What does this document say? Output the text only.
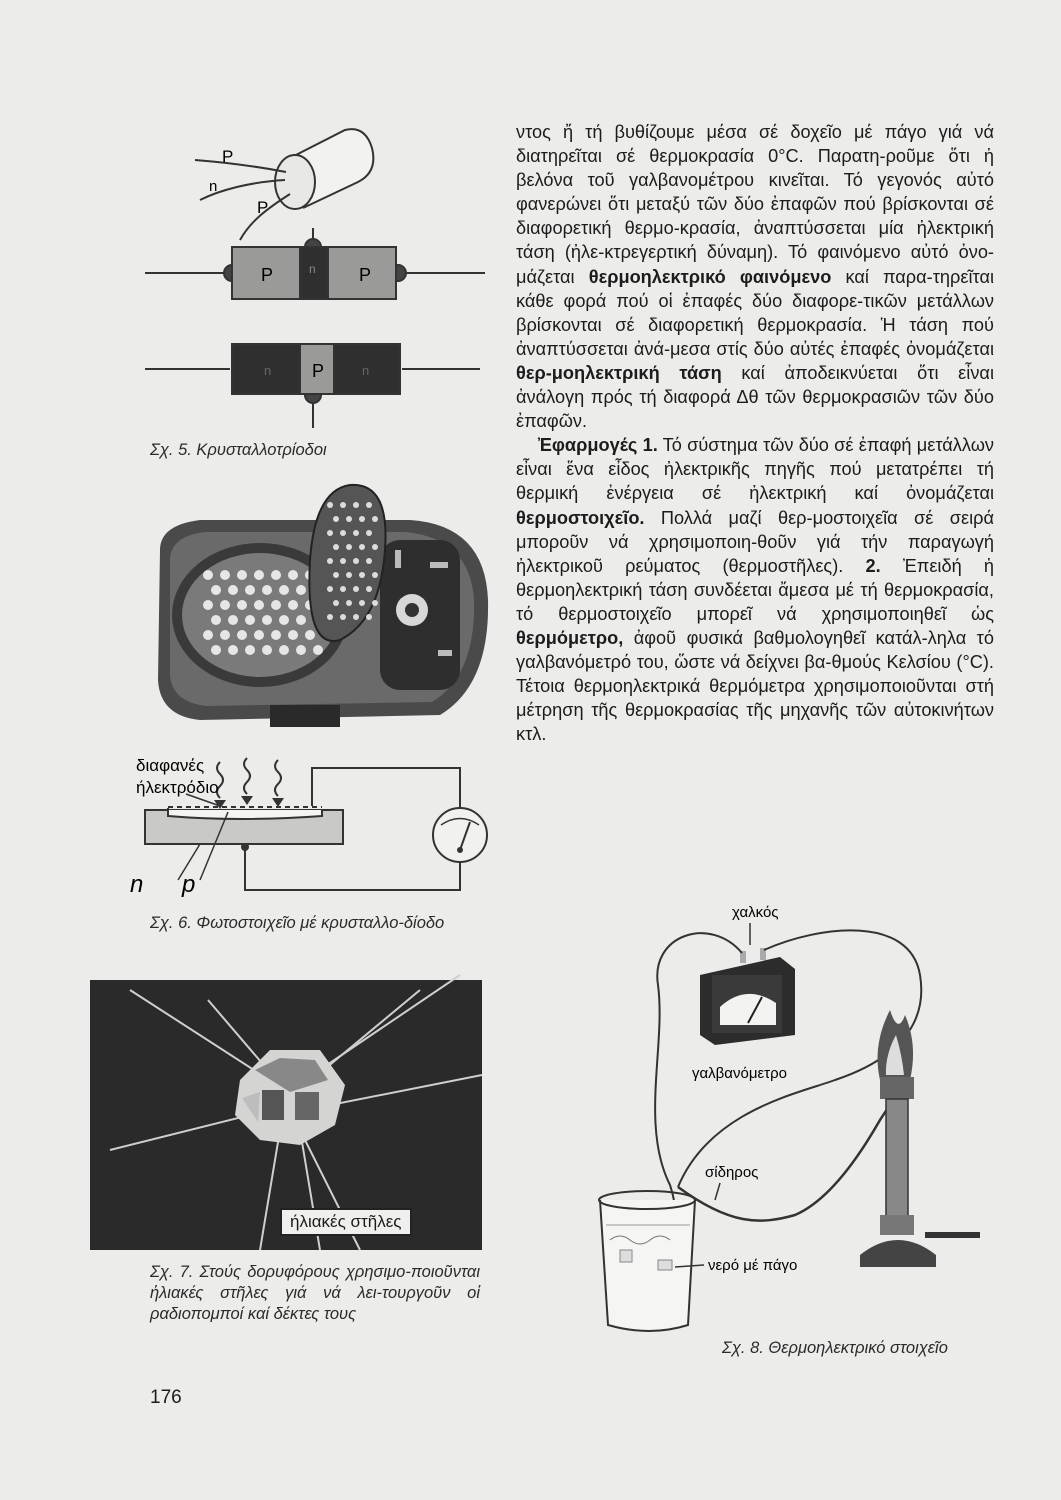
P
n
P
P	n P
n P	n
Σχ. 5. Κρυσταλλοτρίοδοι
διαφανές
ήλεκτρόδιο
n p
Σχ. 6. Φωτοστοιχεῖο μέ κρυσταλλο-δίοδο
ήλιακές στῆλες
Σχ. 7. Στούς δορυφόρους χρησιμο-ποιοῦνται ἡλιακές στῆλες γιά νά λει-τουργοῦν οἱ ραδιοπομποί καί δέκτες τους
176

ντος ἤ τή βυθίζουμε μέσα σέ δοχεῖο μέ πάγο γιά νά διατηρεῖται σέ θερμοκρασία 0°C. Παρατη-ροῦμε ὅτι ἡ βελόνα τοῦ γαλβανομέτρου κινεῖται. Τό γεγονός αὐτό φανερώνει ὅτι μεταξύ τῶν δύο ἐπαφῶν πού βρίσκονται σέ διαφορετική θερμο-κρασία, ἀναπτύσσεται μία ἠλεκτρική τάση (ἠλε-κτρεγερτική δύναμη). Τό φαινόμενο αὐτό ὀνο-μάζεται θερμοηλεκτρικό φαινόμενο καί παρα-τηρεῖται κάθε φορά πού οἱ ἐπαφές δύο διαφορε-τικῶν μετάλλων βρίσκονται σέ διαφορετική θερμοκρασία. Ἡ τάση πού ἀναπτύσσεται ἀνά-μεσα στίς δύο αὐτές ἐπαφές ὀνομάζεται θερ-μοηλεκτρική τάση καί ἀποδεικνύεται ὅτι εἶναι ἀνάλογη πρός τή διαφορά Δθ τῶν θερμοκρασιῶν τῶν δύο ἐπαφῶν.

Ἐφαρμογές 1. Τό σύστημα τῶν δύο σέ ἐπαφή μετάλλων εἶναι ἕνα εἶδος ἠλεκτρικῆς πηγῆς πού μετατρέπει τή θερμική ἐνέργεια σέ ἠλεκτρική καί ὀνομάζεται θερμοστοιχεῖο. Πολλά μαζί θερ-μοστοιχεῖα σέ σειρά μποροῦν νά χρησιμοποιη-θοῦν γιά τήν παραγωγή ἠλεκτρικοῦ ρεύματος (θερμοστῆλες). 2. Ἐπειδή ἡ θερμοηλεκτρική τάση συνδέεται ἄμεσα μέ τή θερμοκρασία, τό θερμοστοιχεῖο μπορεῖ νά χρησιμοποιηθεῖ ὡς θερμόμετρο, ἀφοῦ φυσικά βαθμολογηθεῖ κατάλ-ληλα τό γαλβανόμετρό του, ὥστε νά δείχνει βα-θμούς Κελσίου (°C). Τέτοια θερμοηλεκτρικά θερμόμετρα χρησιμοποιοῦνται στή μέτρηση τῆς θερμοκρασίας τῆς μηχανῆς τῶν αὐτοκινήτων κτλ.

χαλκός
γαλβανόμετρο
σίδηρος
νερό μέ πάγο
Σχ. 8. Θερμοηλεκτρικό στοιχεῖο
